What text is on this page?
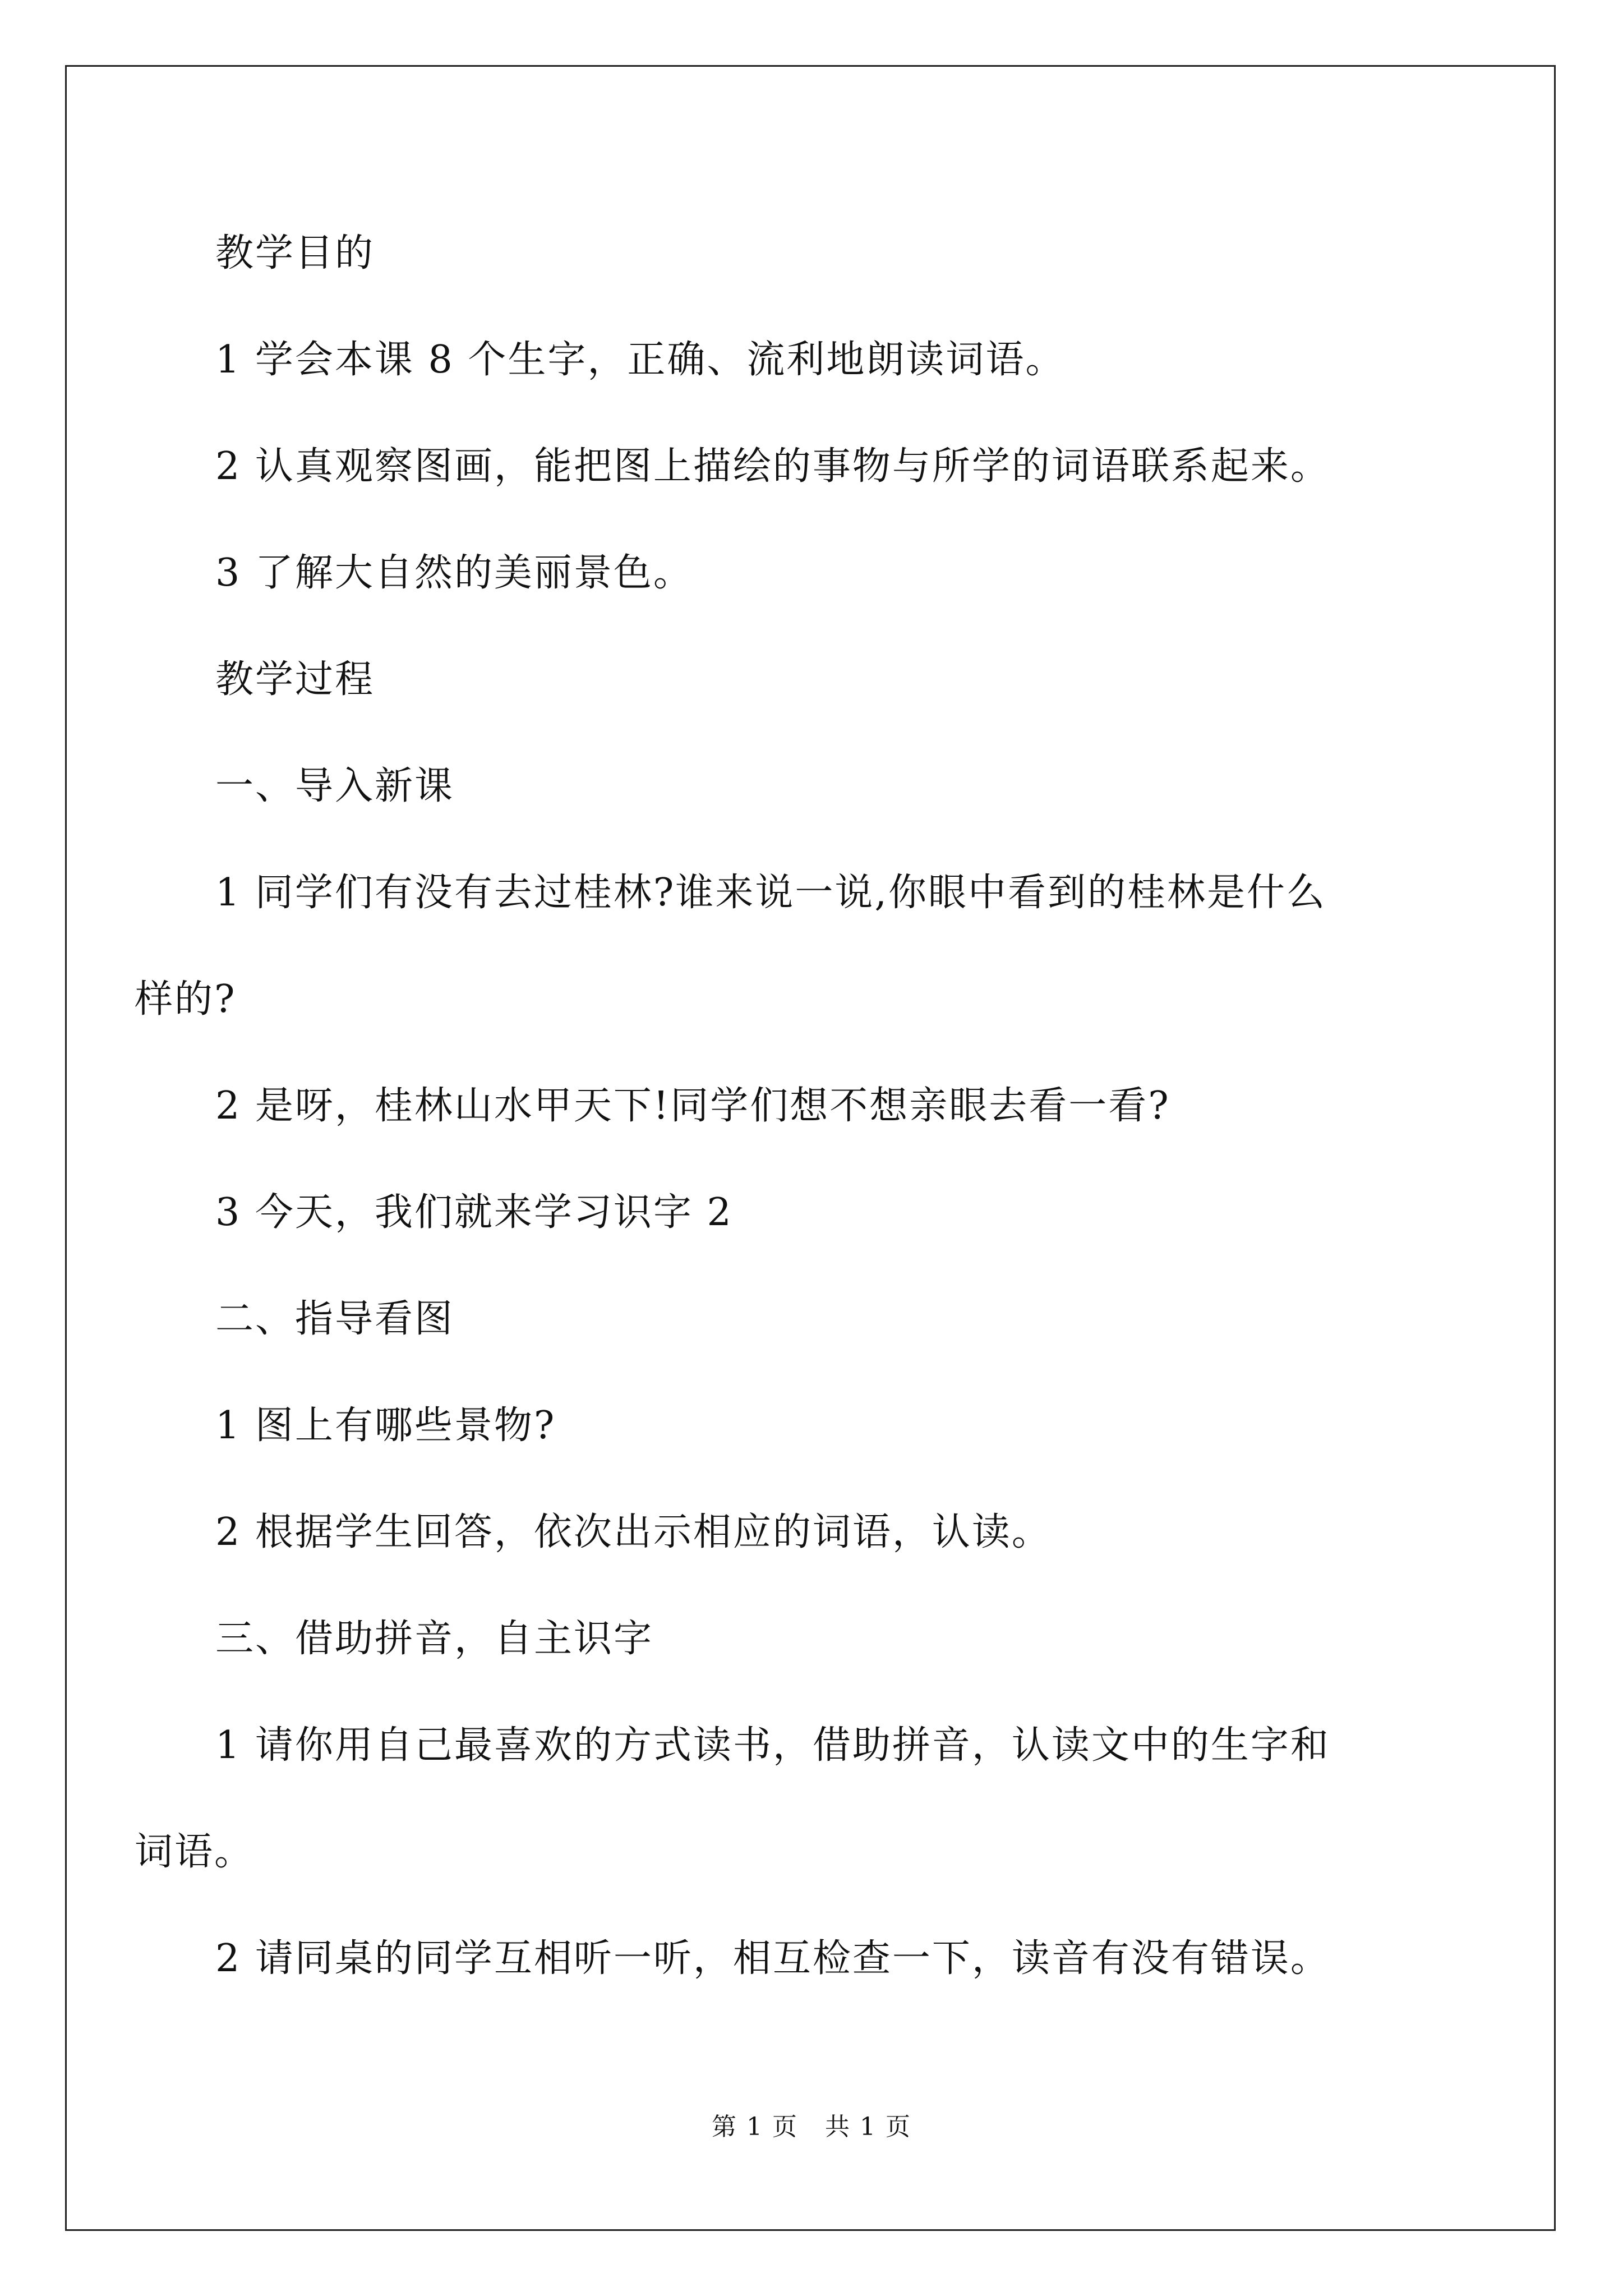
教学目的
1 学会本课 8 个生字，正确、流利地朗读词语。
2 认真观察图画，能把图上描绘的事物与所学的词语联系起来。
3 了解大自然的美丽景色。
教学过程
一、导入新课
1 同学们有没有去过桂林?谁来说一说,你眼中看到的桂林是什么
样的?
2 是呀，桂林山水甲天下!同学们想不想亲眼去看一看?
3 今天，我们就来学习识字 2
二、指导看图
1 图上有哪些景物?
2 根据学生回答，依次出示相应的词语，认读。
三、借助拼音，自主识字
1 请你用自己最喜欢的方式读书，借助拼音，认读文中的生字和
词语。
2 请同桌的同学互相听一听，相互检查一下，读音有没有错误。
第 1 页 共 1 页
